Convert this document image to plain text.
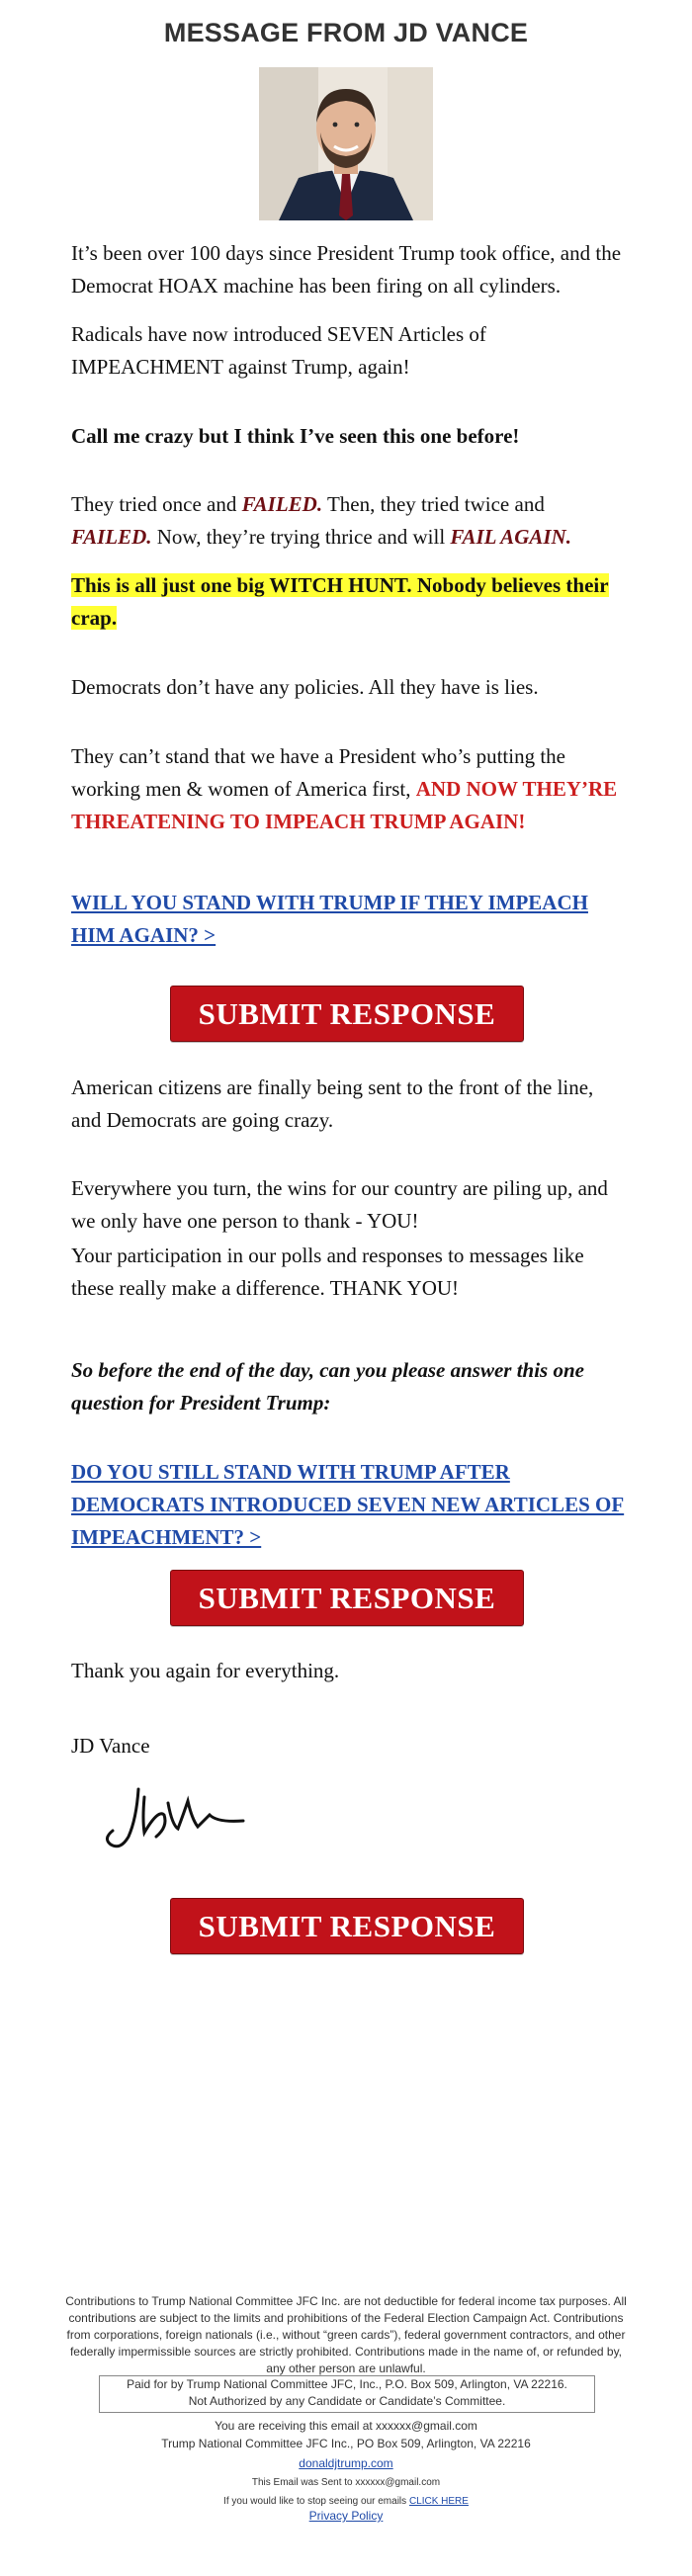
MESSAGE FROM JD VANCE
It’s been over 100 days since President Trump took office, and the Democrat HOAX machine has been firing on all cylinders.
Radicals have now introduced SEVEN Articles of IMPEACHMENT against Trump, again!
Call me crazy but I think I’ve seen this one before!
They tried once and FAILED. Then, they tried twice and FAILED. Now, they’re trying thrice and will FAIL AGAIN.
This is all just one big WITCH HUNT. Nobody believes their crap.
Democrats don’t have any policies. All they have is lies.
They can’t stand that we have a President who’s putting the working men & women of America first, AND NOW THEY’RE THREATENING TO IMPEACH TRUMP AGAIN!
WILL YOU STAND WITH TRUMP IF THEY IMPEACH HIM AGAIN? >
SUBMIT RESPONSE
American citizens are finally being sent to the front of the line, and Democrats are going crazy.
Everywhere you turn, the wins for our country are piling up, and we only have one person to thank - YOU!
Your participation in our polls and responses to messages like these really make a difference. THANK YOU!
So before the end of the day, can you please answer this one question for President Trump:
DO YOU STILL STAND WITH TRUMP AFTER DEMOCRATS INTRODUCED SEVEN NEW ARTICLES OF IMPEACHMENT? >
SUBMIT RESPONSE
Thank you again for everything.
JD Vance
SUBMIT RESPONSE
Contributions to Trump National Committee JFC Inc. are not deductible for federal income tax purposes. All contributions are subject to the limits and prohibitions of the Federal Election Campaign Act. Contributions from corporations, foreign nationals (i.e., without “green cards”), federal government contractors, and other federally impermissible sources are strictly prohibited. Contributions made in the name of, or refunded by, any other person are unlawful.
Paid for by Trump National Committee JFC, Inc., P.O. Box 509, Arlington, VA 22216.
Not Authorized by any Candidate or Candidate’s Committee.
You are receiving this email at xxxxxx@gmail.com
Trump National Committee JFC Inc., PO Box 509, Arlington, VA 22216
donaldjtrump.com
This Email was Sent to xxxxxx@gmail.com
If you would like to stop seeing our emails CLICK HERE
Privacy Policy
